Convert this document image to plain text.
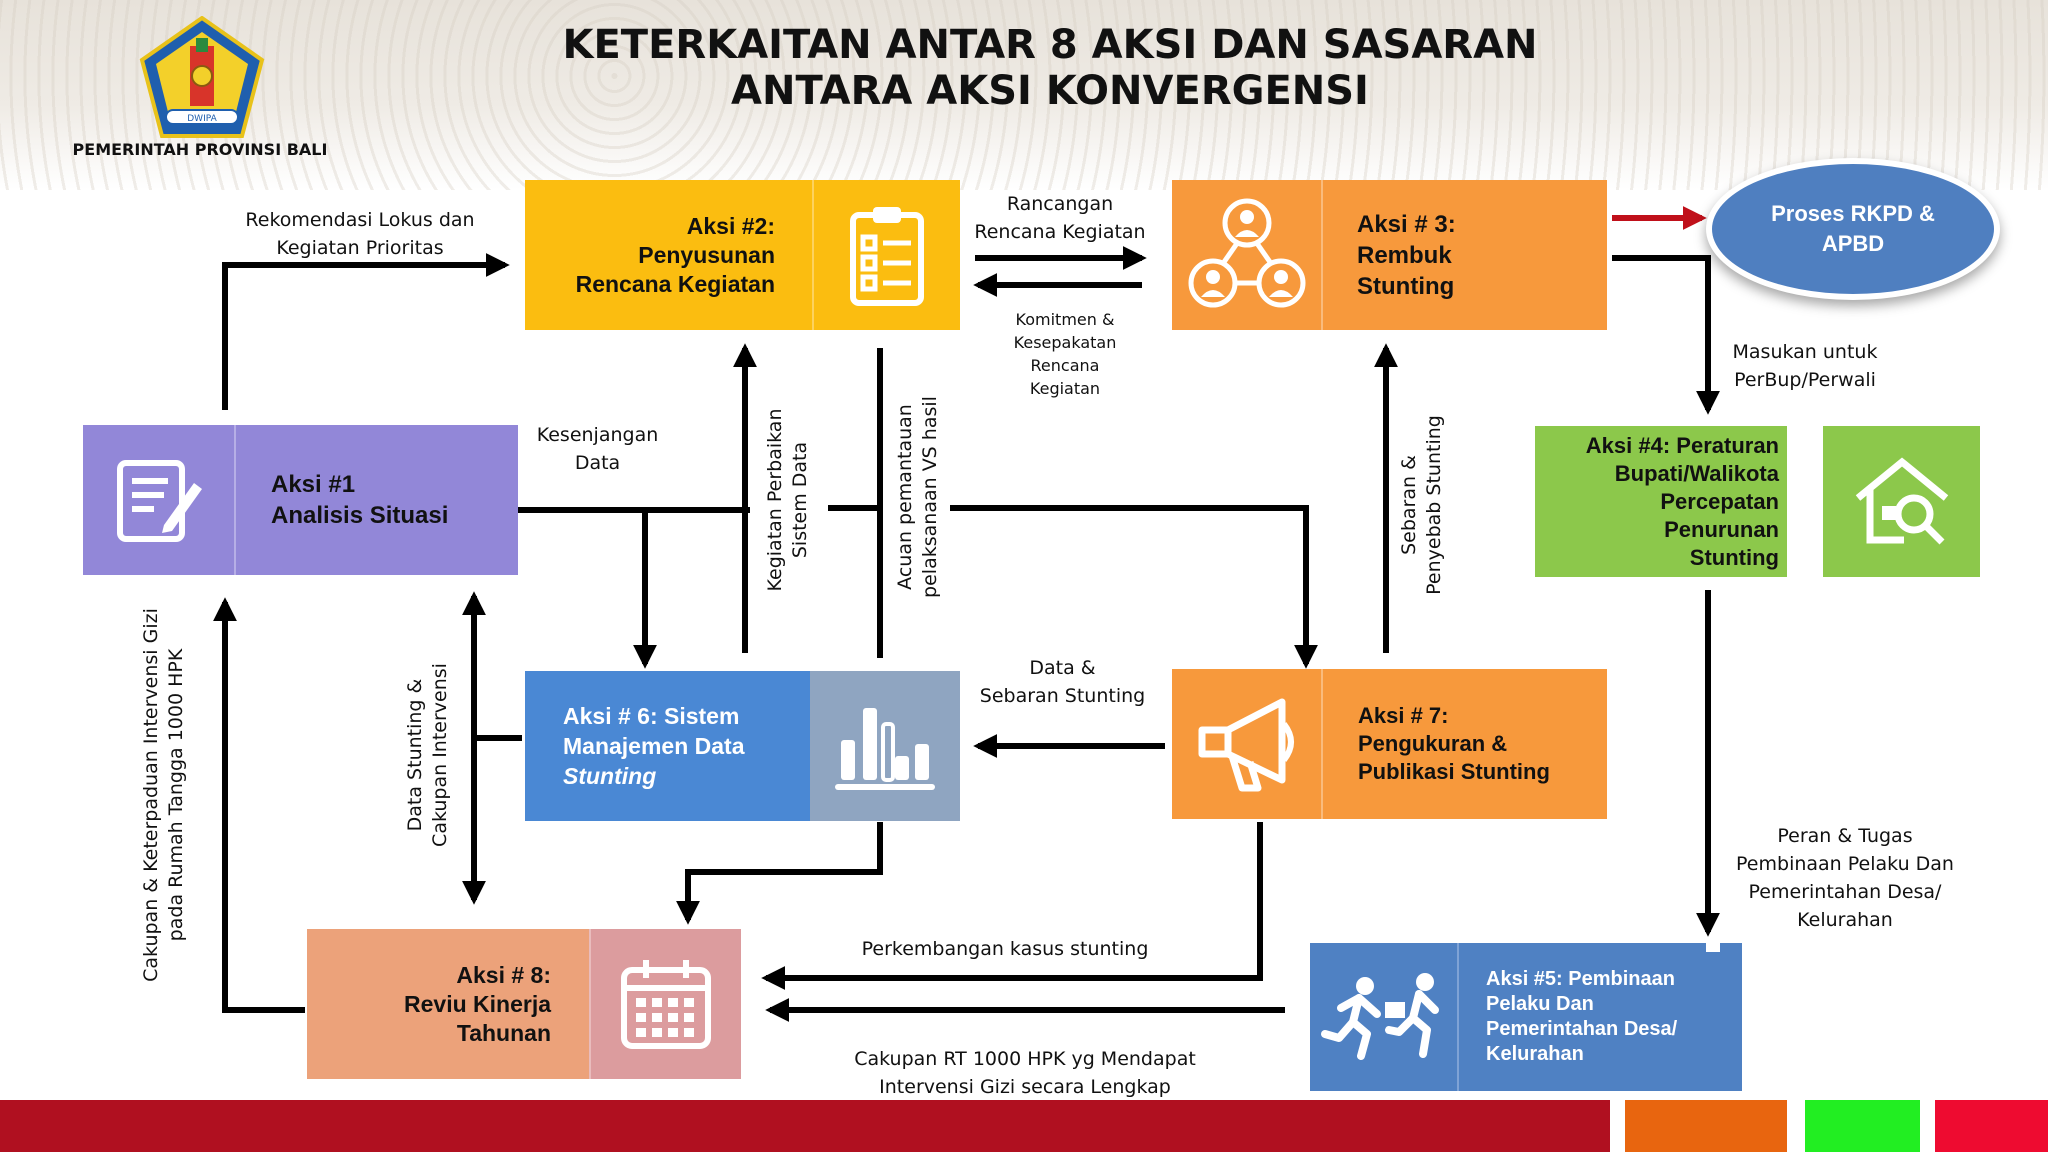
DWIPA
PEMERINTAH PROVINSI BALI
KETERKAITAN ANTAR 8 AKSI DAN SASARAN
ANTARA AKSI KONVERGENSI
Aksi #1
Analisis Situasi
Aksi #2:
Penyusunan
Rencana Kegiatan
Aksi # 3:
Rembuk
Stunting
Aksi #4: Peraturan
Bupati/Walikota
Percepatan
Penurunan
Stunting
Aksi #5: Pembinaan
Pelaku Dan
Pemerintahan Desa/
Kelurahan
Aksi # 6: Sistem
Manajemen Data
Stunting
Aksi # 7:
Pengukuran &
Publikasi Stunting
Aksi # 8:
Reviu Kinerja
Tahunan
Proses RKPD &
APBD
Rekomendasi Lokus dan
Kegiatan Prioritas
Rancangan
Rencana Kegiatan
Komitmen &
Kesepakatan
Rencana
Kegiatan
Masukan untuk
PerBup/Perwali
Kesenjangan
Data
Data &
Sebaran Stunting
Peran & Tugas
Pembinaan Pelaku Dan
Pemerintahan Desa/
Kelurahan
Perkembangan kasus stunting
Cakupan RT 1000 HPK yg Mendapat
Intervensi Gizi secara Lengkap
Kegiatan Perbaikan Sistem Data	Acuan pemantauan pelaksanaan VS hasil	Sebaran & Penyebab Stunting
Data Stunting & Cakupan Intervensi
Cakupan & Keterpaduan Intervensi Gizi pada Rumah Tangga 1000 HPK
